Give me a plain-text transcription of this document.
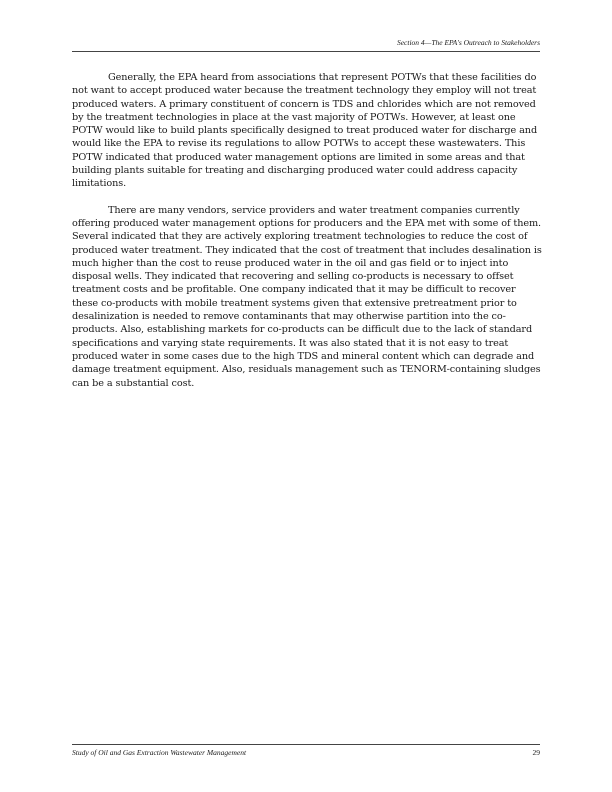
Section 4—The EPA's Outreach to Stakeholders

Generally, the EPA heard from associations that represent POTWs that these facilities do not want to accept produced water because the treatment technology they employ will not treat produced waters. A primary constituent of concern is TDS and chlorides which are not removed by the treatment technologies in place at the vast majority of POTWs. However, at least one POTW would like to build plants specifically designed to treat produced water for discharge and would like the EPA to revise its regulations to allow POTWs to accept these wastewaters. This POTW indicated that produced water management options are limited in some areas and that building plants suitable for treating and discharging produced water could address capacity limitations.

There are many vendors, service providers and water treatment companies currently offering produced water management options for producers and the EPA met with some of them. Several indicated that they are actively exploring treatment technologies to reduce the cost of produced water treatment. They indicated that the cost of treatment that includes desalination is much higher than the cost to reuse produced water in the oil and gas field or to inject into disposal wells. They indicated that recovering and selling co-products is necessary to offset treatment costs and be profitable. One company indicated that it may be difficult to recover these co-products with mobile treatment systems given that extensive pretreatment prior to desalinization is needed to remove contaminants that may otherwise partition into the co-products. Also, establishing markets for co-products can be difficult due to the lack of standard specifications and varying state requirements. It was also stated that it is not easy to treat produced water in some cases due to the high TDS and mineral content which can degrade and damage treatment equipment. Also, residuals management such as TENORM-containing sludges can be a substantial cost.

Study of Oil and Gas Extraction Wastewater Management	29
